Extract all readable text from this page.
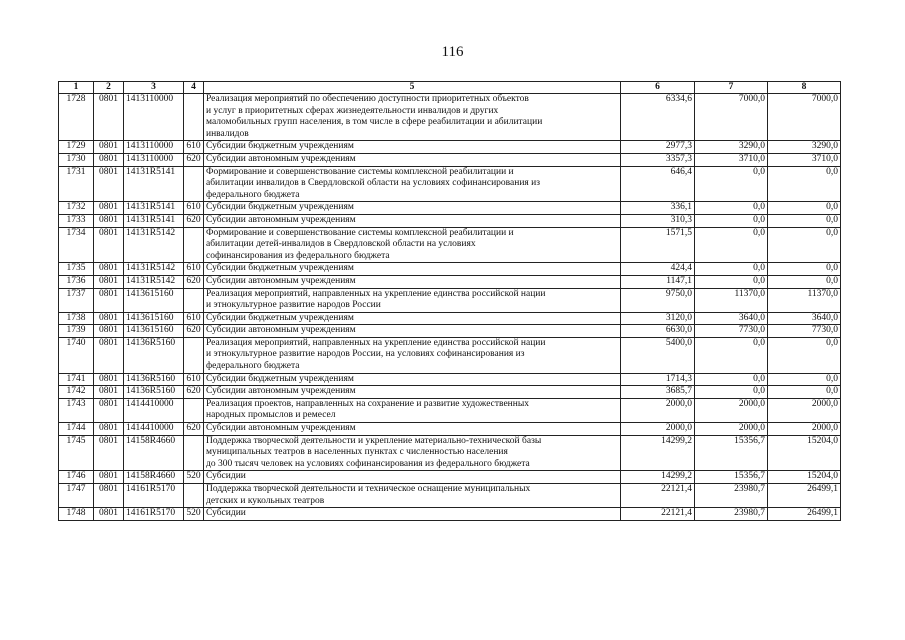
116
1	2	3	4	5	6	7	8
1728	0801	1413110000		Реализация мероприятий по обеспечению доступности приоритетных объектов
и услуг в приоритетных сферах жизнедеятельности инвалидов и других
маломобильных групп населения, в том числе в сфере реабилитации и абилитации
инвалидов	6334,6	7000,0	7000,0
1729	0801	1413110000	610	Субсидии бюджетным учреждениям	2977,3	3290,0	3290,0
1730	0801	1413110000	620	Субсидии автономным учреждениям	3357,3	3710,0	3710,0
1731	0801	14131R5141		Формирование и совершенствование системы комплексной реабилитации и
абилитации инвалидов в Свердловской области на условиях софинансирования из
федерального бюджета	646,4	0,0	0,0
1732	0801	14131R5141	610	Субсидии бюджетным учреждениям	336,1	0,0	0,0
1733	0801	14131R5141	620	Субсидии автономным учреждениям	310,3	0,0	0,0
1734	0801	14131R5142		Формирование и совершенствование системы комплексной реабилитации и
абилитации детей-инвалидов в Свердловской области на условиях
софинансирования из федерального бюджета	1571,5	0,0	0,0
1735	0801	14131R5142	610	Субсидии бюджетным учреждениям	424,4	0,0	0,0
1736	0801	14131R5142	620	Субсидии автономным учреждениям	1147,1	0,0	0,0
1737	0801	1413615160		Реализация мероприятий, направленных на укрепление единства российской нации
и этнокультурное развитие народов России	9750,0	11370,0	11370,0
1738	0801	1413615160	610	Субсидии бюджетным учреждениям	3120,0	3640,0	3640,0
1739	0801	1413615160	620	Субсидии автономным учреждениям	6630,0	7730,0	7730,0
1740	0801	14136R5160		Реализация мероприятий, направленных на укрепление единства российской нации
и этнокультурное развитие народов России, на условиях софинансирования из
федерального бюджета	5400,0	0,0	0,0
1741	0801	14136R5160	610	Субсидии бюджетным учреждениям	1714,3	0,0	0,0
1742	0801	14136R5160	620	Субсидии автономным учреждениям	3685,7	0,0	0,0
1743	0801	1414410000		Реализация проектов, направленных на сохранение и развитие художественных
народных промыслов и ремесел	2000,0	2000,0	2000,0
1744	0801	1414410000	620	Субсидии автономным учреждениям	2000,0	2000,0	2000,0
1745	0801	14158R4660		Поддержка творческой деятельности и укрепление материально-технической базы
муниципальных театров в населенных пунктах с численностью населения
до 300 тысяч человек на условиях софинансирования из федерального бюджета	14299,2	15356,7	15204,0
1746	0801	14158R4660	520	Субсидии	14299,2	15356,7	15204,0
1747	0801	14161R5170		Поддержка творческой деятельности и техническое оснащение муниципальных
детских и кукольных театров	22121,4	23980,7	26499,1
1748	0801	14161R5170	520	Субсидии	22121,4	23980,7	26499,1
